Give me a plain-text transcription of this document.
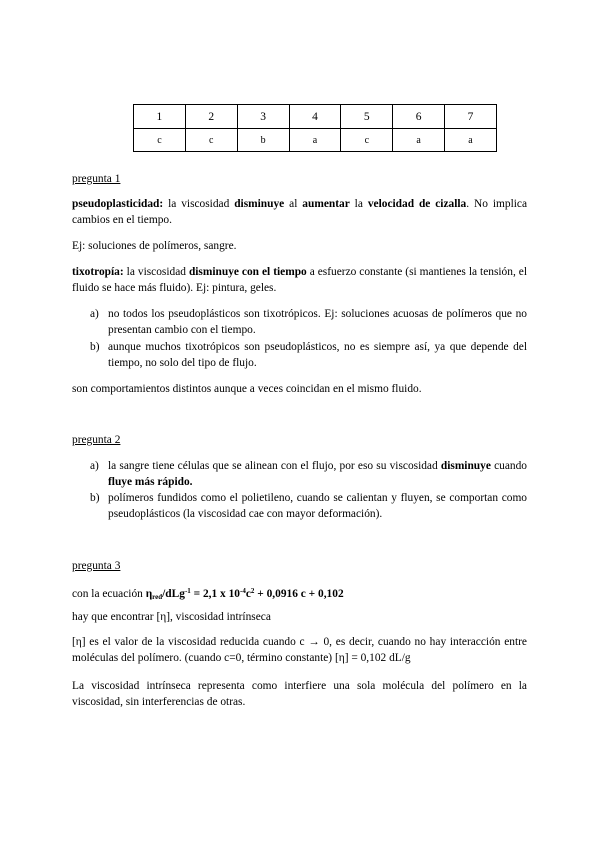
1	2	3	4	5	6	7
c	c	b	a	c	a	a
pregunta 1
pseudoplasticidad: la viscosidad disminuye al aumentar la velocidad de cizalla. No implica cambios en el tiempo.
Ej: soluciones de polímeros, sangre.
tixotropía: la viscosidad disminuye con el tiempo a esfuerzo constante (si mantienes la tensión, el fluido se hace más fluido). Ej: pintura, geles.
a) no todos los pseudoplásticos son tixotrópicos. Ej: soluciones acuosas de polímeros que no presentan cambio con el tiempo.
b) aunque muchos tixotrópicos son pseudoplásticos, no es siempre así, ya que depende del tiempo, no solo del tipo de flujo.
son comportamientos distintos aunque a veces coincidan en el mismo fluido.
pregunta 2
a) la sangre tiene células que se alinean con el flujo, por eso su viscosidad disminuye cuando fluye más rápido.
b) polímeros fundidos como el polietileno, cuando se calientan y fluyen, se comportan como pseudoplásticos (la viscosidad cae con mayor deformación).
pregunta 3
con la ecuación $\eta_{red}/dLg^{-1} = 2,1$ x $10^{-4}c^2 + 0,0916$ c + 0,102
hay que encontrar [η], viscosidad intrínseca
[η] es el valor de la viscosidad reducida cuando c → 0, es decir, cuando no hay interacción entre moléculas del polímero. (cuando c=0, término constante) [η] = 0,102 dL/g
La viscosidad intrínseca representa como interfiere una sola molécula del polímero en la viscosidad, sin interferencias de otras.
